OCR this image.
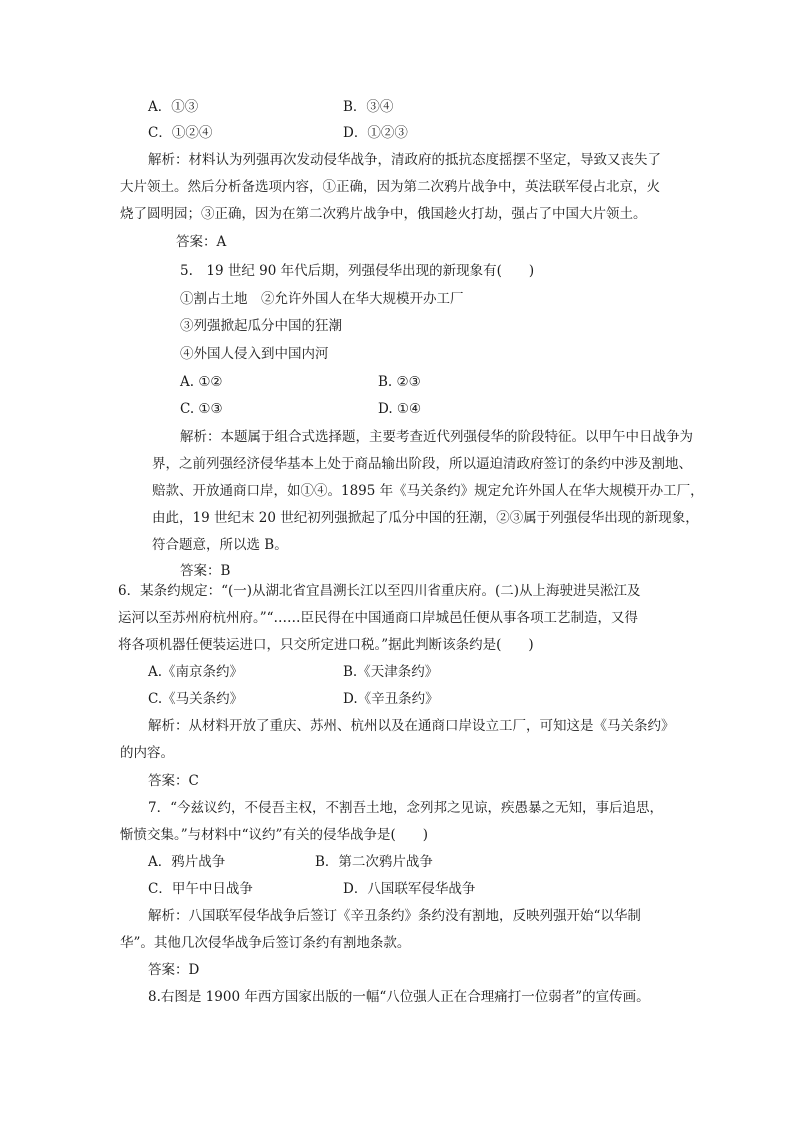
A．①③	B．③④
C．①②④	D．①②③
解析：材料认为列强再次发动侵华战争，清政府的抵抗态度摇摆不坚定，导致又丧失了
大片领土。然后分析备选项内容，①正确，因为第二次鸦片战争中，英法联军侵占北京，火
烧了圆明园；③正确，因为在第二次鸦片战争中，俄国趁火打劫，强占了中国大片领土。
答案：A
5.　19 世纪 90 年代后期，列强侵华出现的新现象有(　　)
①割占土地　②允许外国人在华大规模开办工厂
③列强掀起瓜分中国的狂潮
④外国人侵入到中国内河
A. ①②	B. ②③
C. ①③	D. ①④
解析：本题属于组合式选择题，主要考查近代列强侵华的阶段特征。以甲午中日战争为
界，之前列强经济侵华基本上处于商品输出阶段，所以逼迫清政府签订的条约中涉及割地、
赔款、开放通商口岸，如①④。1895 年《马关条约》规定允许外国人在华大规模开办工厂，
由此，19 世纪末 20 世纪初列强掀起了瓜分中国的狂潮，②③属于列强侵华出现的新现象，
符合题意，所以选 B。
答案：B
6．某条约规定：“(一)从湖北省宜昌溯长江以至四川省重庆府。(二)从上海驶进吴淞江及
运河以至苏州府杭州府。”“……臣民得在中国通商口岸城邑任便从事各项工艺制造，又得
将各项机器任便装运进口，只交所定进口税。”据此判断该条约是(　　)
A.《南京条约》	B.《天津条约》
C.《马关条约》	D.《辛丑条约》
解析：从材料开放了重庆、苏州、杭州以及在通商口岸设立工厂，可知这是《马关条约》
的内容。
答案：C
7．“今兹议约，不侵吾主权，不割吾土地，念列邦之见谅，疾愚暴之无知，事后追思，
惭愤交集。”与材料中“议约”有关的侵华战争是(　　)
A．鸦片战争	B．第二次鸦片战争
C．甲午中日战争	D．八国联军侵华战争
解析：八国联军侵华战争后签订《辛丑条约》条约没有割地，反映列强开始“以华制
华”。其他几次侵华战争后签订条约有割地条款。
答案：D
8.右图是 1900 年西方国家出版的一幅“八位强人正在合理痛打一位弱者”的宣传画。
